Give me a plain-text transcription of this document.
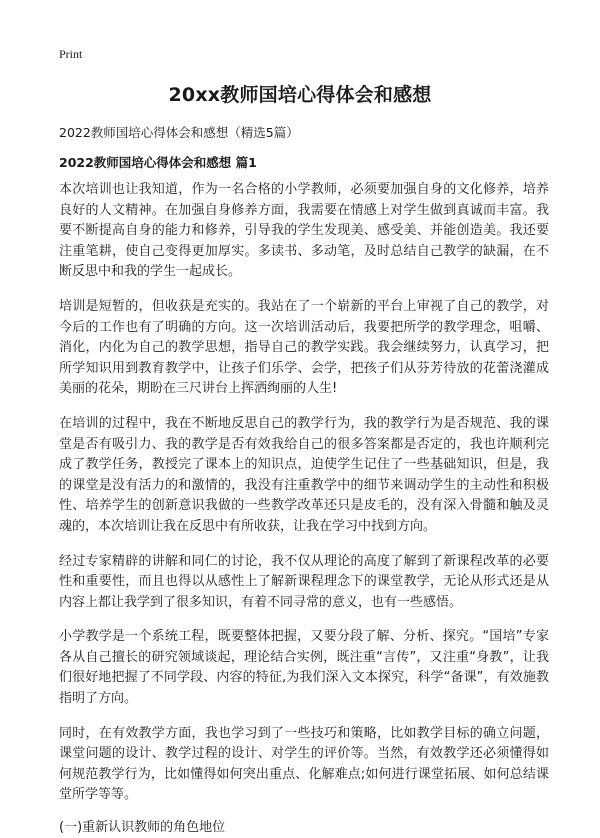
Print
20xx教师国培心得体会和感想

2022教师国培心得体会和感想（精选5篇）

2022教师国培心得体会和感想 篇1

本次培训也让我知道，作为一名合格的小学教师，必须要加强自身的文化修养，培养良好的人文精神。在加强自身修养方面，我需要在情感上对学生做到真诚而丰富。我要不断提高自身的能力和修养，引导我的学生发现美、感受美、并能创造美。我还要注重笔耕，使自己变得更加厚实。多读书、多动笔，及时总结自己教学的缺漏，在不断反思中和我的学生一起成长。

培训是短暂的，但收获是充实的。我站在了一个崭新的平台上审视了自己的教学，对今后的工作也有了明确的方向。这一次培训活动后，我要把所学的教学理念，咀嚼、消化，内化为自己的教学思想，指导自己的教学实践。我会继续努力，认真学习，把所学知识用到教育教学中，让孩子们乐学、会学，把孩子们从芬芳待放的花蕾浇灌成美丽的花朵，期盼在三尺讲台上挥洒绚丽的人生!

在培训的过程中，我在不断地反思自己的教学行为，我的教学行为是否规范、我的课堂是否有吸引力、我的教学是否有效我给自己的很多答案都是否定的，我也许顺利完成了教学任务，教授完了课本上的知识点，迫使学生记住了一些基础知识，但是，我的课堂是没有活力的和激情的，我没有注重教学中的细节来调动学生的主动性和积极性、培养学生的创新意识我做的一些教学改革还只是皮毛的，没有深入骨髓和触及灵魂的，本次培训让我在反思中有所收获，让我在学习中找到方向。

经过专家精辟的讲解和同仁的讨论，我不仅从理论的高度了解到了新课程改革的必要性和重要性，而且也得以从感性上了解新课程理念下的课堂教学，无论从形式还是从内容上都让我学到了很多知识，有着不同寻常的意义，也有一些感悟。

小学教学是一个系统工程，既要整体把握，又要分段了解、分析、探究。“国培”专家各从自己擅长的研究领域谈起，理论结合实例，既注重“言传”，又注重“身教”，让我们很好地把握了不同学段、内容的特征,为我们深入文本探究，科学“备课”，有效施教指明了方向。

同时，在有效教学方面，我也学习到了一些技巧和策略，比如教学目标的确立问题，课堂问题的设计、教学过程的设计、对学生的评价等。当然，有效教学还必须懂得如何规范教学行为，比如懂得如何突出重点、化解难点;如何进行课堂拓展、如何总结课堂所学等等。

(一)重新认识教师的角色地位
